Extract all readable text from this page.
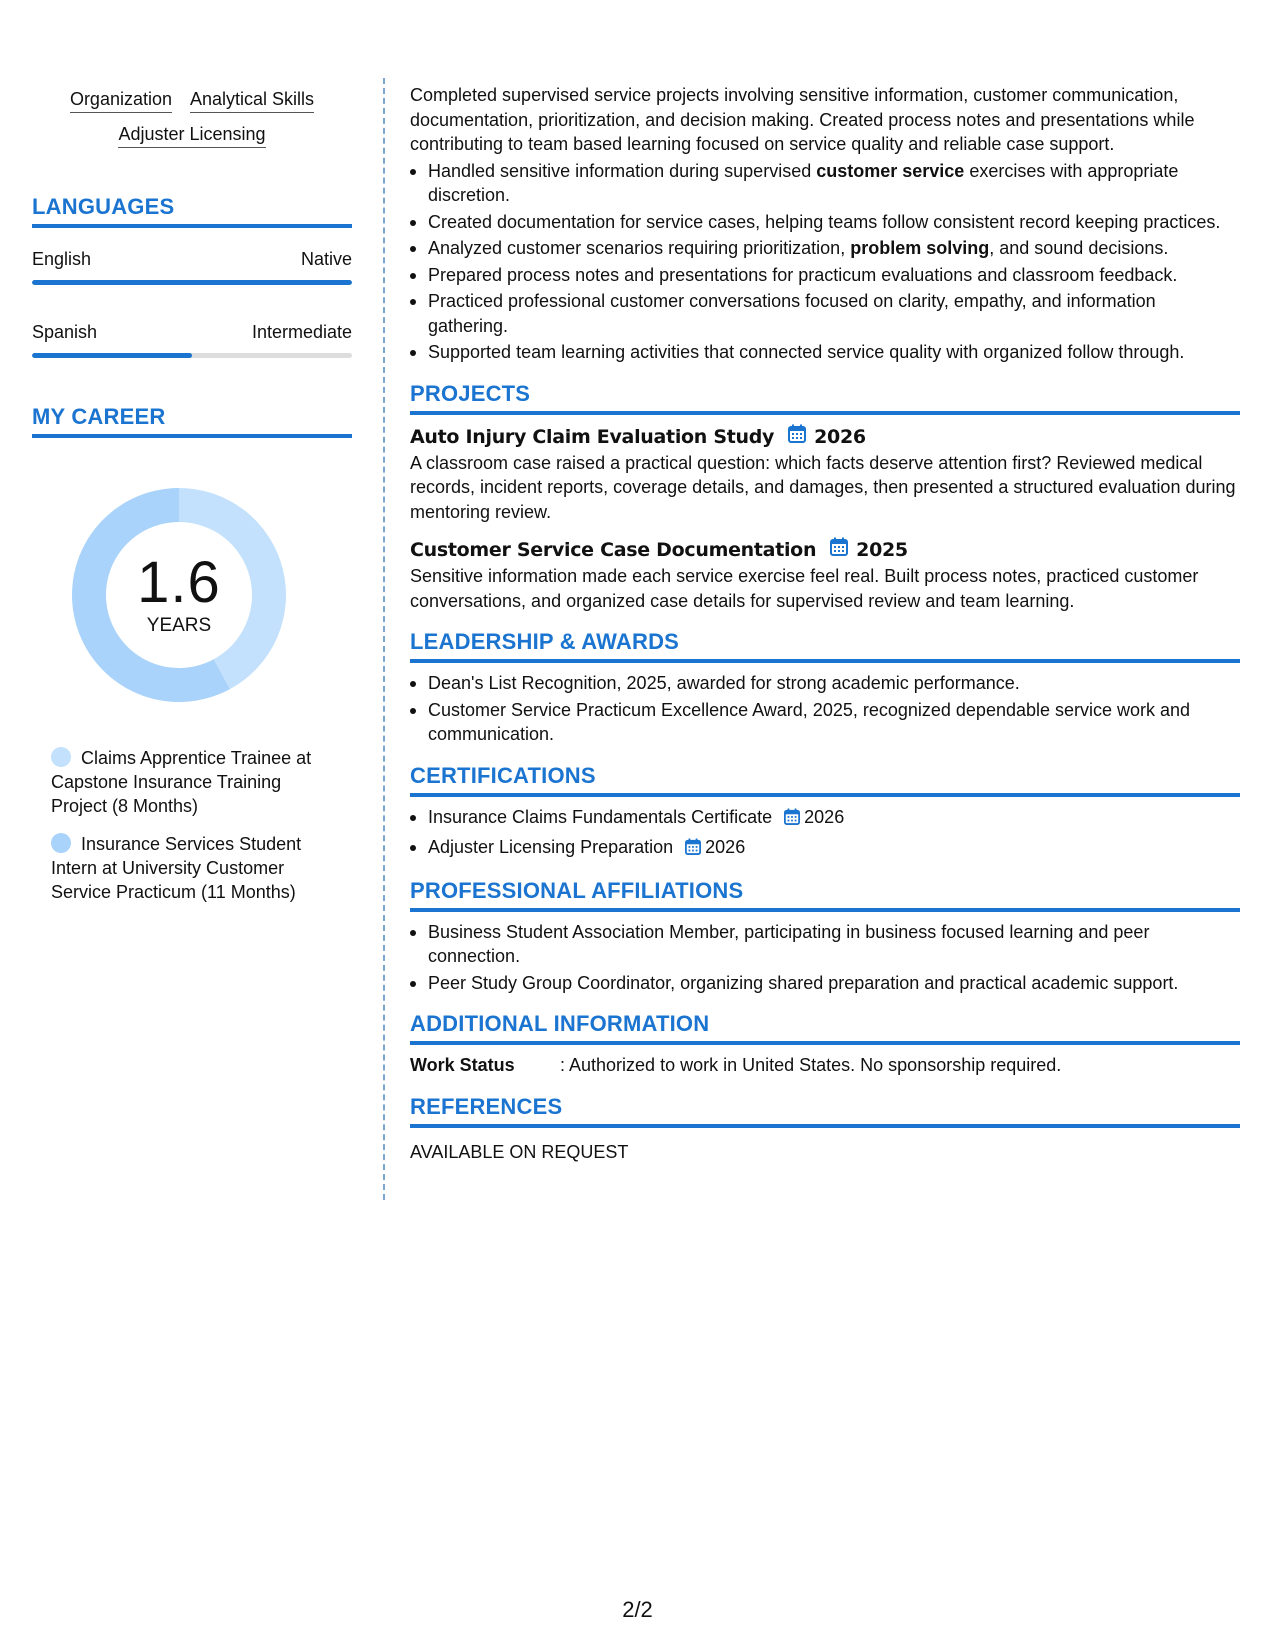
Organization Analytical Skills
Adjuster Licensing
LANGUAGES
English	Native
Spanish	Intermediate
MY CAREER
1.6
YEARS
Claims Apprentice Trainee at Capstone Insurance Training Project (8 Months)
Insurance Services Student Intern at University Customer Service Practicum (11 Months)

Completed supervised service projects involving sensitive information, customer communication, documentation, prioritization, and decision making. Created process notes and presentations while contributing to team based learning focused on service quality and reliable case support.

Handled sensitive information during supervised customer service exercises with appropriate discretion.
Created documentation for service cases, helping teams follow consistent record keeping practices.
Analyzed customer scenarios requiring prioritization, problem solving, and sound decisions.
Prepared process notes and presentations for practicum evaluations and classroom feedback.
Practiced professional customer conversations focused on clarity, empathy, and information gathering.
Supported team learning activities that connected service quality with organized follow through.
PROJECTS
Auto Injury Claim Evaluation Study 2026

A classroom case raised a practical question: which facts deserve attention first? Reviewed medical records, incident reports, coverage details, and damages, then presented a structured evaluation during mentoring review.

Customer Service Case Documentation 2025

Sensitive information made each service exercise feel real. Built process notes, practiced customer conversations, and organized case details for supervised review and team learning.

LEADERSHIP & AWARDS
Dean's List Recognition, 2025, awarded for strong academic performance.
Customer Service Practicum Excellence Award, 2025, recognized dependable service work and communication.
CERTIFICATIONS
Insurance Claims Fundamentals Certificate 2026
Adjuster Licensing Preparation 2026
PROFESSIONAL AFFILIATIONS
Business Student Association Member, participating in business focused learning and peer connection.
Peer Study Group Coordinator, organizing shared preparation and practical academic support.
ADDITIONAL INFORMATION
Work Status	: Authorized to work in United States. No sponsorship required.
REFERENCES
AVAILABLE ON REQUEST
2/2
